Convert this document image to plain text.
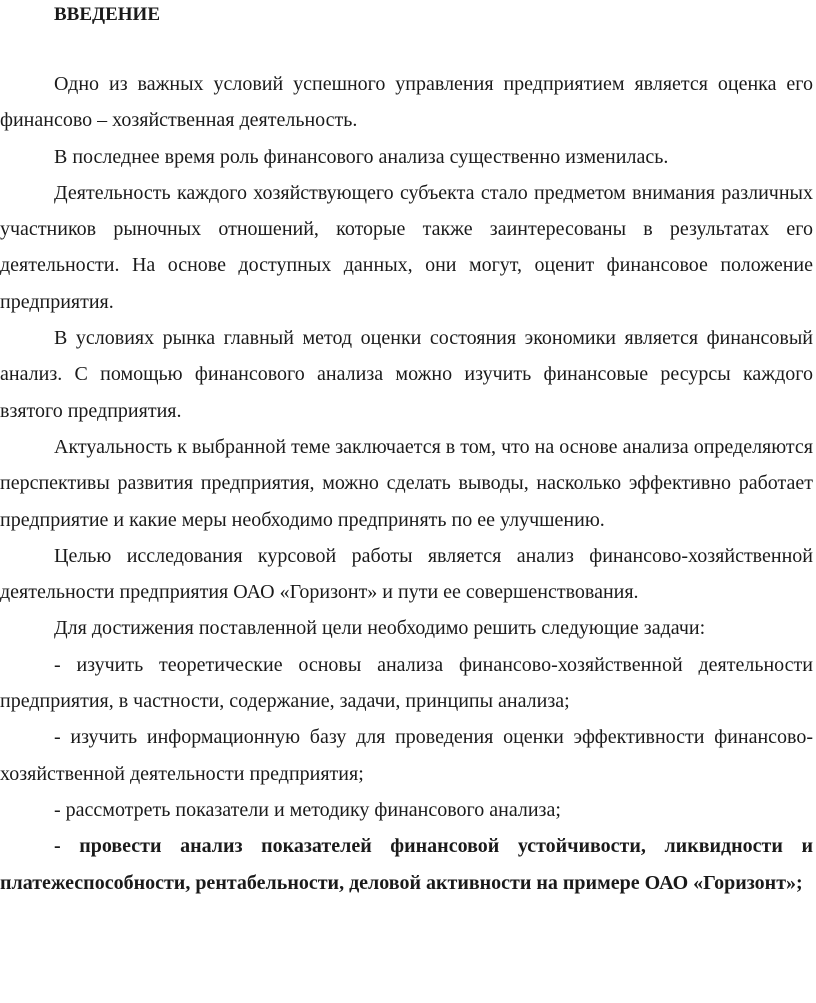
ВВЕДЕНИЕ

Одно из важных условий успешного управления предприятием является оценка его финансово – хозяйственная деятельность.

В последнее время роль финансового анализа существенно изменилась.

Деятельность каждого хозяйствующего субъекта стало предметом внимания различных участников рыночных отношений, которые также заинтересованы в результатах его деятельности. На основе доступных данных, они могут, оценит финансовое положение предприятия.

В условиях рынка главный метод оценки состояния экономики является финансовый анализ. С помощью финансового анализа можно изучить финансовые ресурсы каждого взятого предприятия.

Актуальность к выбранной теме заключается в том, что на основе анализа определяются перспективы развития предприятия, можно сделать выводы, насколько эффективно работает предприятие и какие меры необходимо предпринять по ее улучшению.

Целью исследования курсовой работы является анализ финансово-хозяйственной деятельности предприятия ОАО «Горизонт» и пути ее совершенствования.

Для достижения поставленной цели необходимо решить следующие задачи:

- изучить теоретические основы анализа финансово-хозяйственной деятельности предприятия, в частности, содержание, задачи, принципы анализа;

- изучить информационную базу для проведения оценки эффективности финансово-хозяйственной деятельности предприятия;

- рассмотреть показатели и методику финансового анализа;

- провести анализ показателей финансовой устойчивости, ликвидности и платежеспособности, рентабельности, деловой активности на примере ОАО «Горизонт»;
